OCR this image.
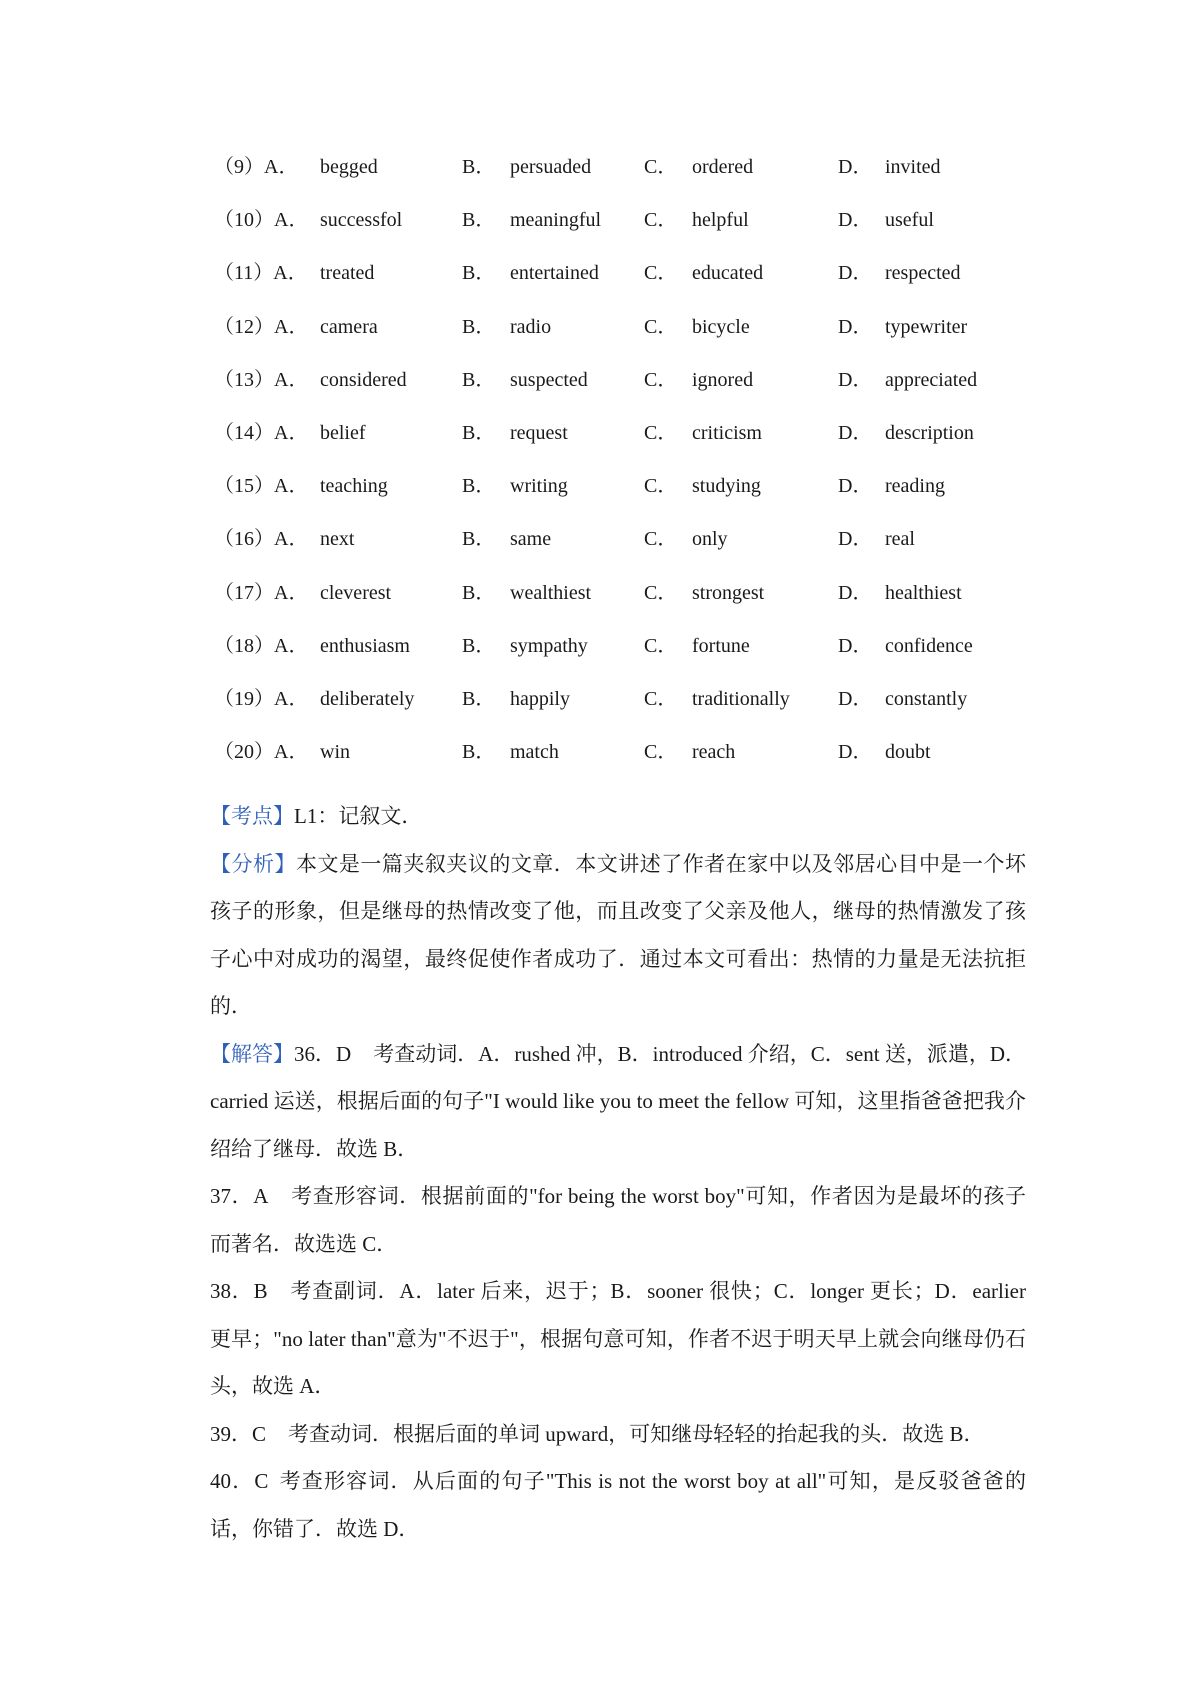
（9）A． begged	B． persuaded	C． ordered	D． invited
（10）A． successfol	B． meaningful C． helpful	D． useful
（11）A． treated	B． entertained C． educated	D． respected
（12）A． camera	B． radio	C． bicycle	D． typewriter
（13）A． considered	B． suspected	C． ignored	D． appreciated
（14）A． belief	B． request	C． criticism	D． description
（15）A． teaching	B． writing	C． studying	D． reading
（16）A． next	B． same	C． only	D． real
（17）A． cleverest	B． wealthiest	C． strongest	D． healthiest
（18）A． enthusiasm	B． sympathy	C． fortune	D． confidence
（19）A． deliberately B． happily	C． traditionally D． constantly
（20）A． win	B． match	C． reach	D． doubt

【考点】L1：记叙文．

【分析】本文是一篇夹叙夹议的文章．本文讲述了作者在家中以及邻居心目中是一个坏孩子的形象，但是继母的热情改变了他，而且改变了父亲及他人，继母的热情激发了孩子心中对成功的渴望，最终促使作者成功了．通过本文可看出：热情的力量是无法抗拒的．

【解答】36．D 考查动词．A．rushed 冲，B．introduced 介绍，C．sent 送，派遣，D．carried 运送，根据后面的句子"I would like you to meet the fellow 可知，这里指爸爸把我介绍给了继母．故选 B．

37．A 考查形容词．根据前面的"for being the worst boy"可知，作者因为是最坏的孩子而著名．故选选 C．

38．B 考查副词．A．later 后来，迟于；B．sooner 很快；C．longer 更长；D．earlier 更早；"no later than"意为"不迟于"，根据句意可知，作者不迟于明天早上就会向继母仍石头，故选 A．

39．C 考查动词．根据后面的单词 upward，可知继母轻轻的抬起我的头．故选 B．

40．C 考查形容词．从后面的句子"This is not the worst boy at all"可知，是反驳爸爸的话，你错了．故选 D．
